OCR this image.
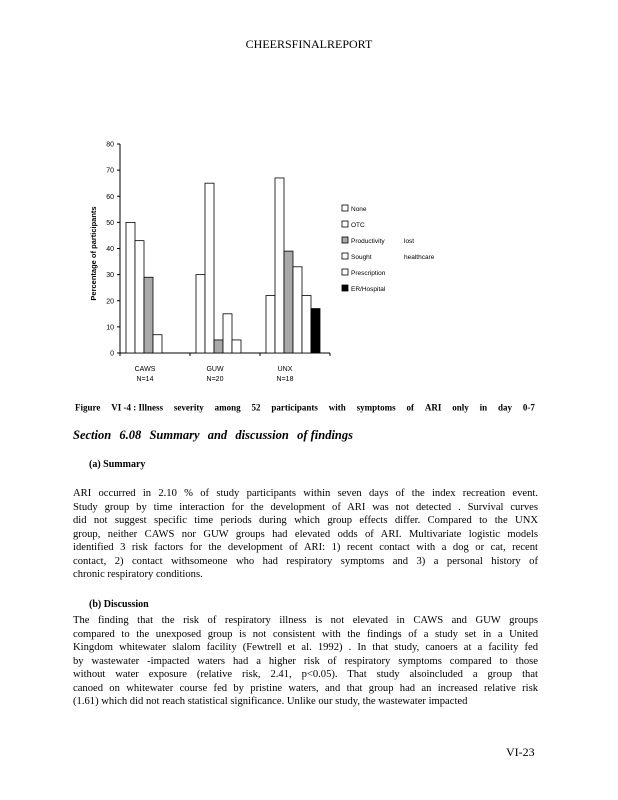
CHEERSFINALREPORT
Percentage of participants
0
10
20
30
40
50
60
70
80
CAWS
N=14
GUW
N=20
UNX
N=18
None
OTC
Productivity	lost
Sought	healthcare
Prescription
ER/Hospital
Figure VI -4 : Illness severity among 52 participants with symptoms of ARI only in day 0-7
Section 6.08 Summary and discussion of findings
(a) Summary
ARI occurred in 2.10 % of study participants within seven days of the index recreation event.
Study group by time interaction for the development of ARI was not detected . Survival curves
did not suggest specific time periods during which group effects differ. Compared to the UNX
group, neither CAWS nor GUW groups had elevated odds of ARI. Multivariate logistic models
identified 3 risk factors for the development of ARI: 1) recent contact with a dog or cat, recent
contact, 2) contact withsomeone who had respiratory symptoms and 3) a personal history of
chronic respiratory conditions.
(b) Discussion
The finding that the risk of respiratory illness is not elevated in CAWS and GUW groups
compared to the unexposed group is not consistent with the findings of a study set in a United
Kingdom whitewater slalom facility (Fewtrell et al. 1992) . In that study, canoers at a facility fed
by wastewater -impacted waters had a higher risk of respiratory symptoms compared to those
without water exposure (relative risk, 2.41, p<0.05). That study alsoincluded a group that
canoed on whitewater course fed by pristine waters, and that group had an increased relative risk
(1.61) which did not reach statistical significance. Unlike our study, the wastewater impacted
VI-23
